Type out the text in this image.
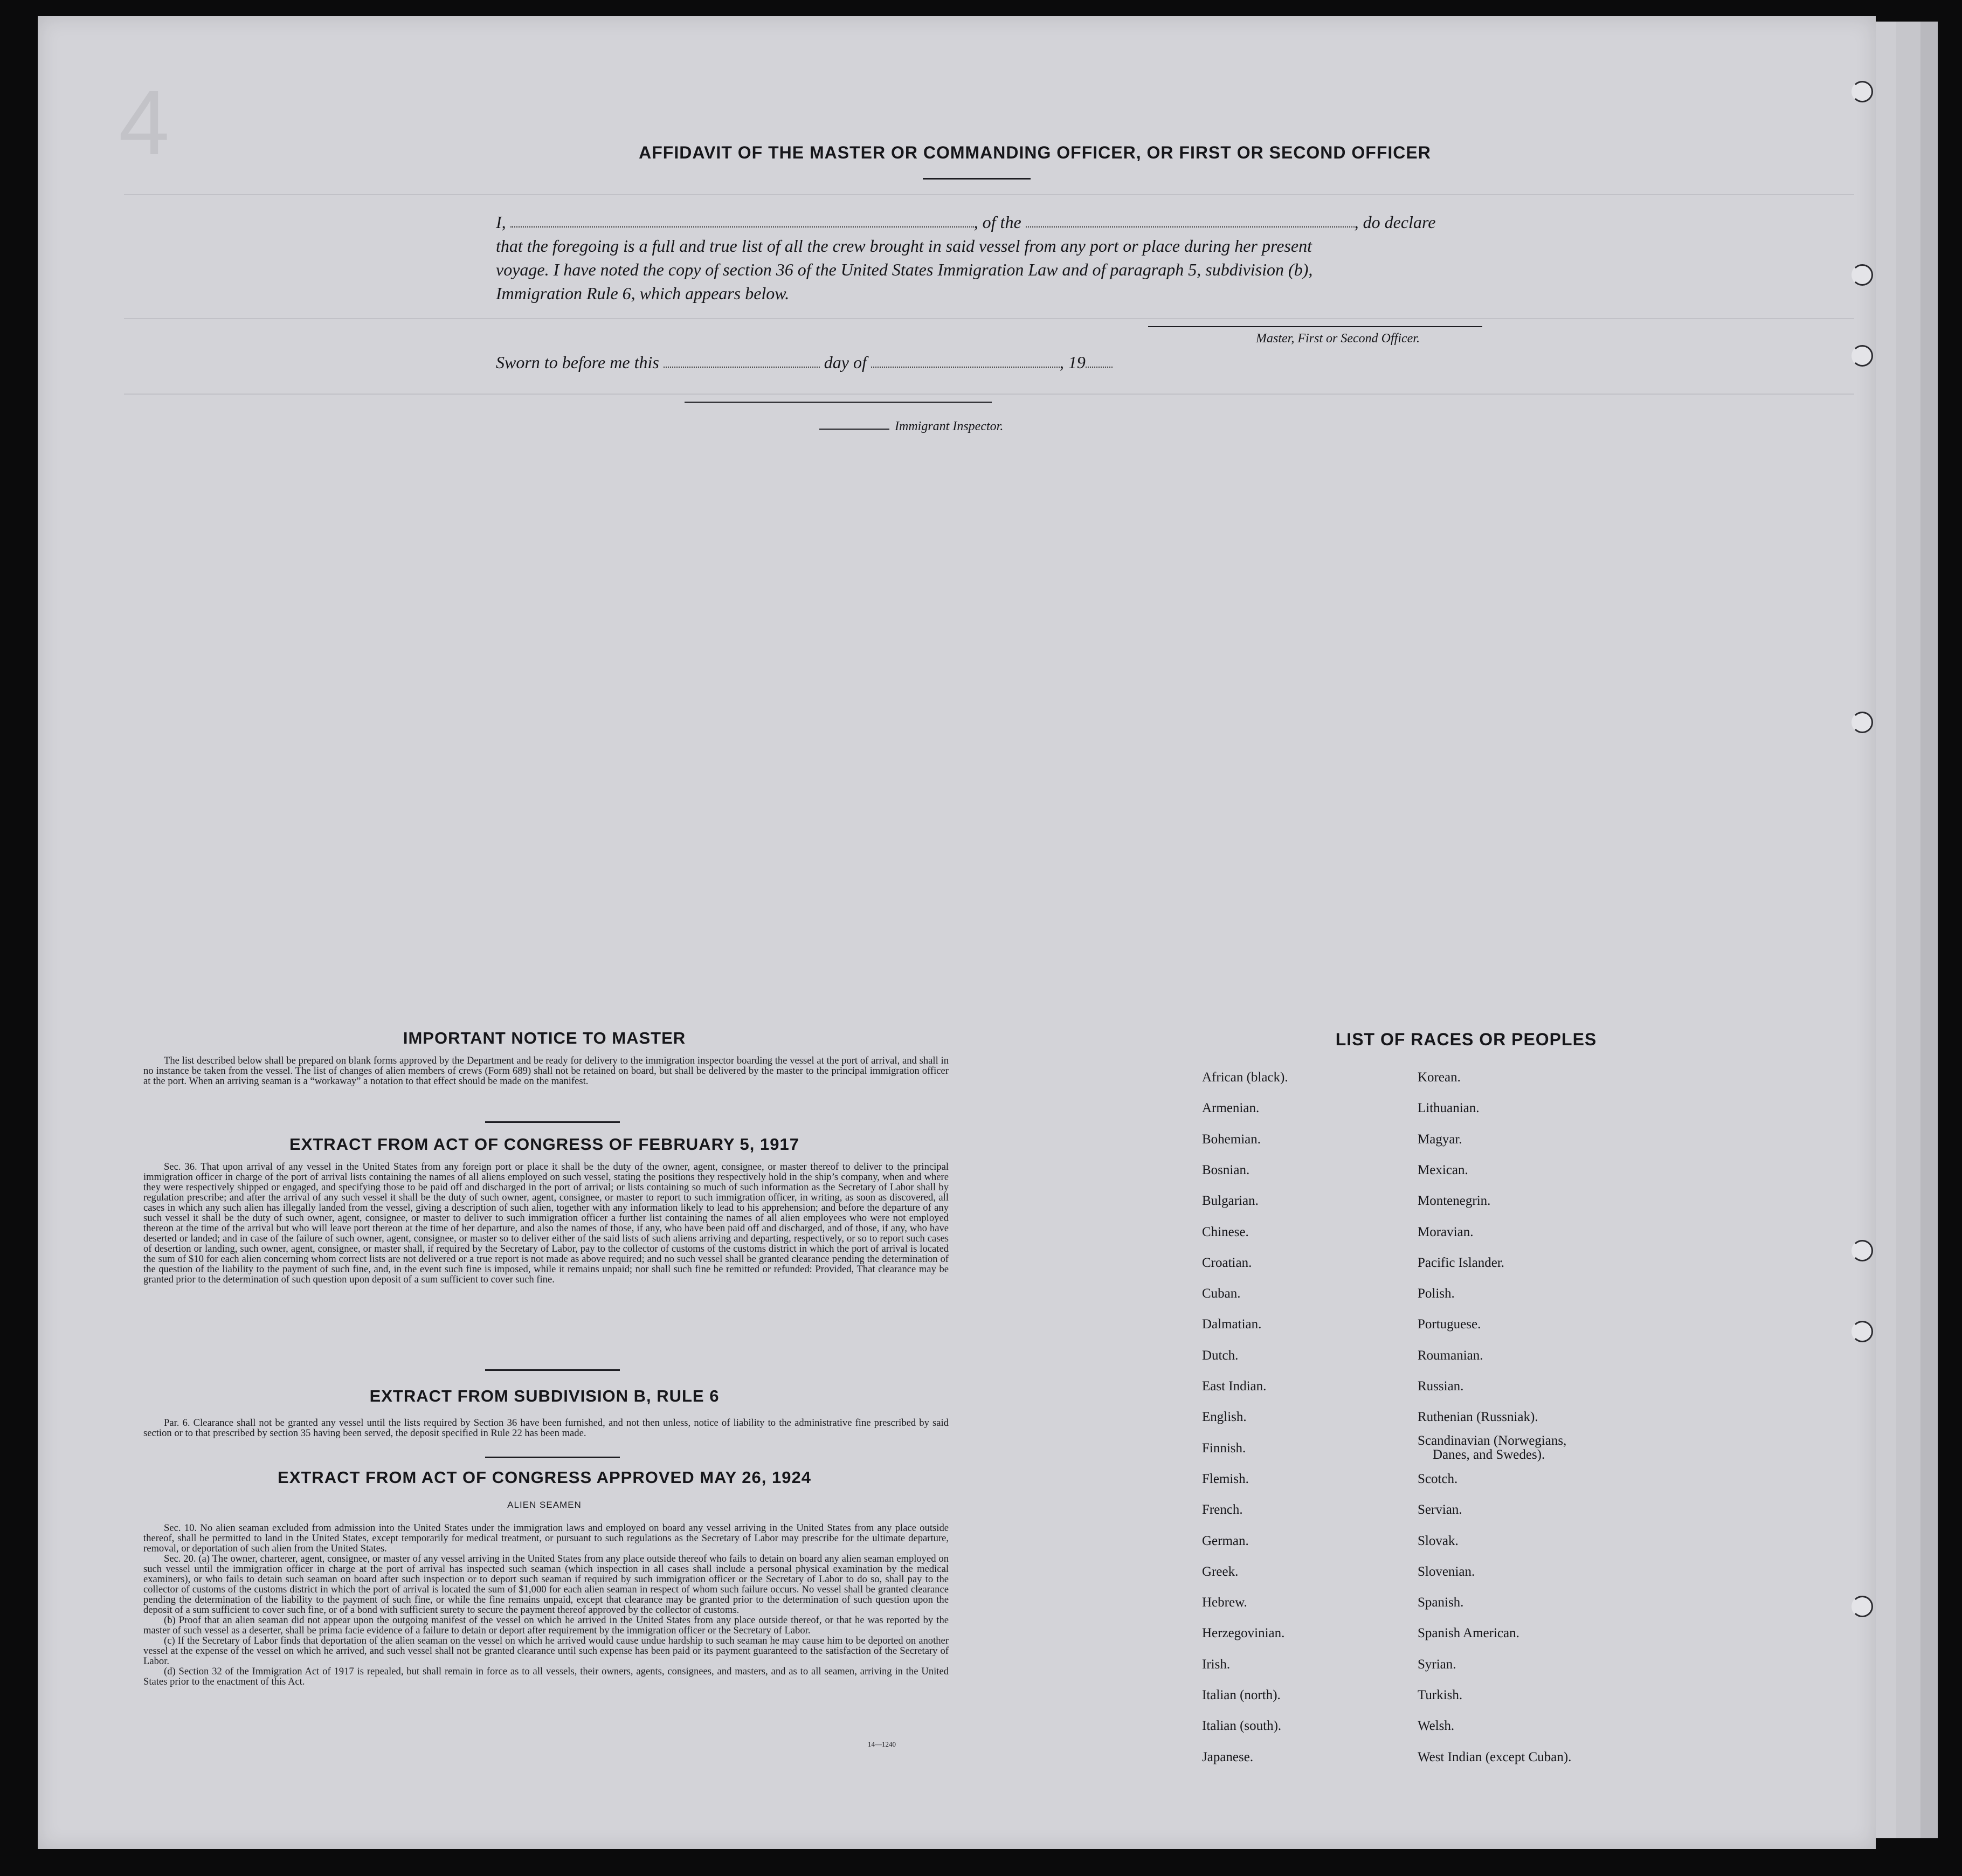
4	AFFIDAVIT OF THE MASTER OR COMMANDING OFFICER, OR FIRST OR SECOND OFFICER
I,	, of the	, do declare
that the foregoing is a full and true list of all the crew brought in said vessel from any port or place during her present
voyage. I have noted the copy of section 36 of the United States Immigration Law and of paragraph 5, subdivision (b),
Immigration Rule 6, which appears below.
Master, First or Second Officer.
Sworn to before me this	day of	, 19
Immigrant Inspector.
IMPORTANT NOTICE TO MASTER

The list described below shall be prepared on blank forms approved by the Department and be ready for delivery to the immigration inspector boarding the vessel at the port of arrival, and shall in no instance be taken from the vessel. The list of changes of alien members of crews (Form 689) shall not be retained on board, but shall be delivered by the master to the principal immigration officer at the port. When an arriving seaman is a “workaway” a notation to that effect should be made on the manifest.

EXTRACT FROM ACT OF CONGRESS OF FEBRUARY 5, 1917

Sec. 36. That upon arrival of any vessel in the United States from any foreign port or place it shall be the duty of the owner, agent, consignee, or master thereof to deliver to the principal immigration officer in charge of the port of arrival lists containing the names of all aliens employed on such vessel, stating the positions they respectively hold in the ship’s company, when and where they were respectively shipped or engaged, and specifying those to be paid off and discharged in the port of arrival; or lists containing so much of such information as the Secretary of Labor shall by regulation prescribe; and after the arrival of any such vessel it shall be the duty of such owner, agent, consignee, or master to report to such immigration officer, in writing, as soon as discovered, all cases in which any such alien has illegally landed from the vessel, giving a description of such alien, together with any information likely to lead to his apprehension; and before the departure of any such vessel it shall be the duty of such owner, agent, consignee, or master to deliver to such immigration officer a further list containing the names of all alien employees who were not employed thereon at the time of the arrival but who will leave port thereon at the time of her departure, and also the names of those, if any, who have been paid off and discharged, and of those, if any, who have deserted or landed; and in case of the failure of such owner, agent, consignee, or master so to deliver either of the said lists of such aliens arriving and departing, respectively, or so to report such cases of desertion or landing, such owner, agent, consignee, or master shall, if required by the Secretary of Labor, pay to the collector of customs of the customs district in which the port of arrival is located the sum of $10 for each alien concerning whom correct lists are not delivered or a true report is not made as above required; and no such vessel shall be granted clearance pending the determination of the question of the liability to the payment of such fine, and, in the event such fine is imposed, while it remains unpaid; nor shall such fine be remitted or refunded: Provided, That clearance may be granted prior to the determination of such question upon deposit of a sum sufficient to cover such fine.

EXTRACT FROM SUBDIVISION B, RULE 6

Par. 6. Clearance shall not be granted any vessel until the lists required by Section 36 have been furnished, and not then unless, notice of liability to the administrative fine prescribed by said section or to that prescribed by section 35 having been served, the deposit specified in Rule 22 has been made.

EXTRACT FROM ACT OF CONGRESS APPROVED MAY 26, 1924
ALIEN SEAMEN

Sec. 10. No alien seaman excluded from admission into the United States under the immigration laws and employed on board any vessel arriving in the United States from any place outside thereof, shall be permitted to land in the United States, except temporarily for medical treatment, or pursuant to such regulations as the Secretary of Labor may prescribe for the ultimate departure, removal, or deportation of such alien from the United States.

Sec. 20. (a) The owner, charterer, agent, consignee, or master of any vessel arriving in the United States from any place outside thereof who fails to detain on board any alien seaman employed on such vessel until the immigration officer in charge at the port of arrival has inspected such seaman (which inspection in all cases shall include a personal physical examination by the medical examiners), or who fails to detain such seaman on board after such inspection or to deport such seaman if required by such immigration officer or the Secretary of Labor to do so, shall pay to the collector of customs of the customs district in which the port of arrival is located the sum of $1,000 for each alien seaman in respect of whom such failure occurs. No vessel shall be granted clearance pending the determination of the liability to the payment of such fine, or while the fine remains unpaid, except that clearance may be granted prior to the determination of such question upon the deposit of a sum sufficient to cover such fine, or of a bond with sufficient surety to secure the payment thereof approved by the collector of customs.

(b) Proof that an alien seaman did not appear upon the outgoing manifest of the vessel on which he arrived in the United States from any place outside thereof, or that he was reported by the master of such vessel as a deserter, shall be prima facie evidence of a failure to detain or deport after requirement by the immigration officer or the Secretary of Labor.

(c) If the Secretary of Labor finds that deportation of the alien seaman on the vessel on which he arrived would cause undue hardship to such seaman he may cause him to be deported on another vessel at the expense of the vessel on which he arrived, and such vessel shall not be granted clearance until such expense has been paid or its payment guaranteed to the satisfaction of the Secretary of Labor.

(d) Section 32 of the Immigration Act of 1917 is repealed, but shall remain in force as to all vessels, their owners, agents, consignees, and masters, and as to all seamen, arriving in the United States prior to the enactment of this Act.

14—1240
LIST OF RACES OR PEOPLES
African (black).
Armenian.
Bohemian.
Bosnian.
Bulgarian.
Chinese.
Croatian.
Cuban.
Dalmatian.
Dutch.
East Indian.
English.
Finnish.
Flemish.
French.
German.
Greek.
Hebrew.
Herzegovinian.
Irish.
Italian (north).
Italian (south).
Japanese.
Korean.
Lithuanian.
Magyar.
Mexican.
Montenegrin.
Moravian.
Pacific Islander.
Polish.
Portuguese.
Roumanian.
Russian.
Ruthenian (Russniak).
Scandinavian (Norwegians,
Danes, and Swedes).
Scotch.
Servian.
Slovak.
Slovenian.
Spanish.
Spanish American.
Syrian.
Turkish.
Welsh.
West Indian (except Cuban).
